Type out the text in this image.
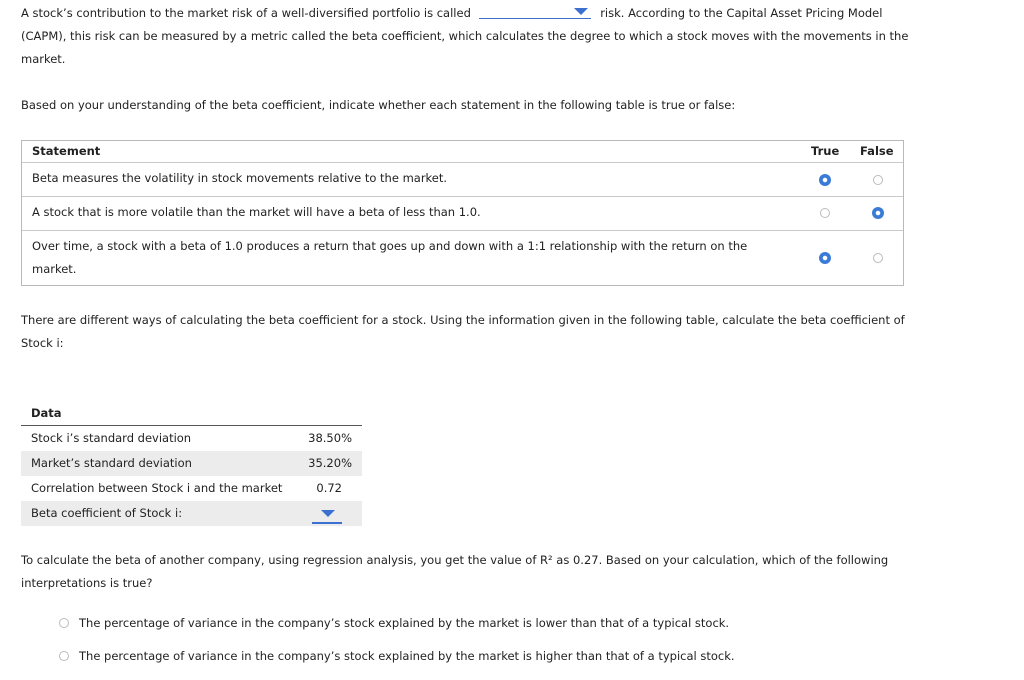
A stock’s contribution to the market risk of a well-diversified portfolio is called	risk. According to the Capital Asset Pricing Model (CAPM), this risk can be measured by a metric called the beta coefficient, which calculates the degree to which a stock moves with the movements in the market.
Based on your understanding of the beta coefficient, indicate whether each statement in the following table is true or false:
Statement	True False
Beta measures the volatility in stock movements relative to the market.
A stock that is more volatile than the market will have a beta of less than 1.0.
Over time, a stock with a beta of 1.0 produces a return that goes up and down with a 1:1 relationship with the return on the market.
There are different ways of calculating the beta coefficient for a stock. Using the information given in the following table, calculate the beta coefficient of Stock i:
Data
Stock i’s standard deviation	38.50%
Market’s standard deviation	35.20%
Correlation between Stock i and the market	0.72
Beta coefficient of Stock i:
To calculate the beta of another company, using regression analysis, you get the value of R² as 0.27. Based on your calculation, which of the following interpretations is true?
The percentage of variance in the company’s stock explained by the market is lower than that of a typical stock.
The percentage of variance in the company’s stock explained by the market is higher than that of a typical stock.
